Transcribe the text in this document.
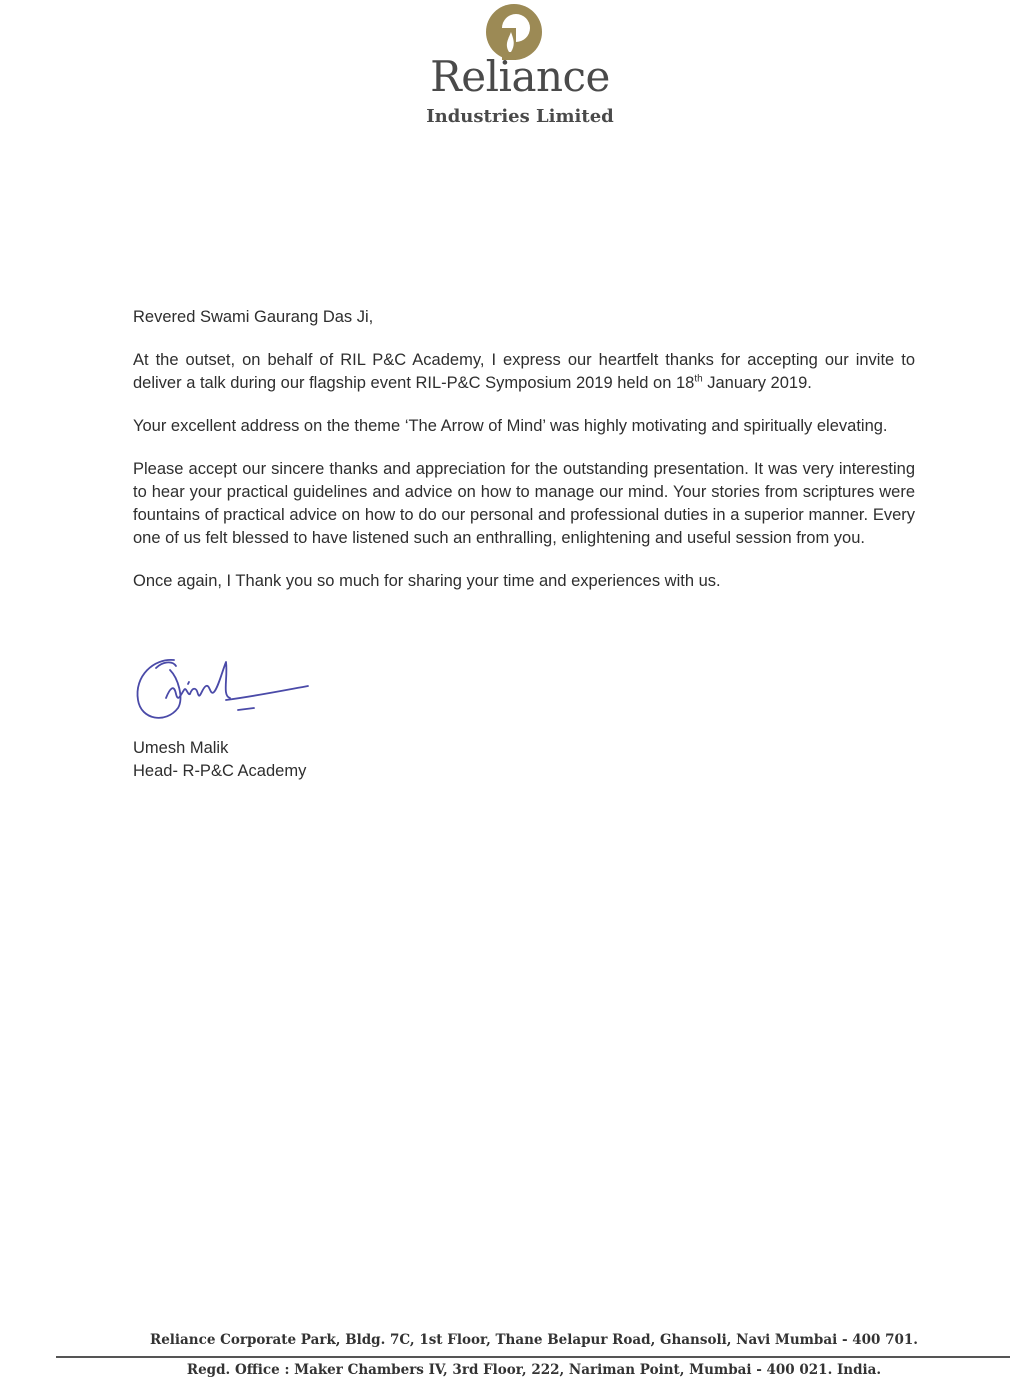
Reliance
Industries Limited

Revered Swami Gaurang Das Ji,

At the outset, on behalf of RIL P&C Academy, I express our heartfelt thanks for accepting our invite to deliver a talk during our flagship event RIL-P&C Symposium 2019 held on 18th January 2019.

Your excellent address on the theme ‘The Arrow of Mind’ was highly motivating and spiritually elevating.

Please accept our sincere thanks and appreciation for the outstanding presentation. It was very interesting to hear your practical guidelines and advice on how to manage our mind. Your stories from scriptures were fountains of practical advice on how to do our personal and professional duties in a superior manner. Every one of us felt blessed to have listened such an enthralling, enlightening and useful session from you.

Once again, I Thank you so much for sharing your time and experiences with us.

Umesh Malik
Head- R-P&C Academy
Reliance Corporate Park, Bldg. 7C, 1st Floor, Thane Belapur Road, Ghansoli, Navi Mumbai - 400 701.
Regd. Office : Maker Chambers IV, 3rd Floor, 222, Nariman Point, Mumbai - 400 021. India.
